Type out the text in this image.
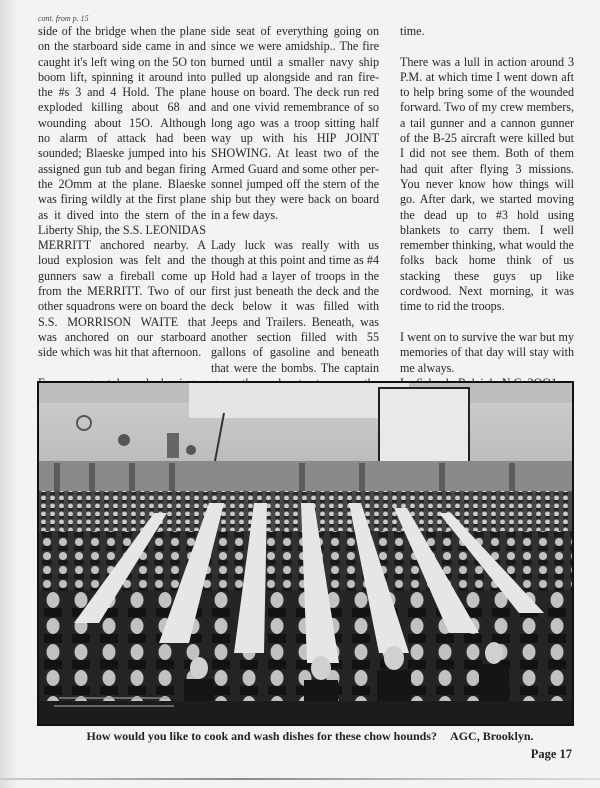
cont. from p. 15

side of the bridge when the plane on the starboard side came in and caught it's left wing on the 5O ton boom lift, spinning it around into the #s 3 and 4 Hold. The plane exploded killing about 68 and wounding about 15O. Although no alarm of attack had been sounded; Blaeske jumped into his assigned gun tub and began firing the 2Omm at the plane. Blaeske was firing wildly at the first plane as it dived into the stern of the Liberty Ship, the S.S. LEONIDAS MERRITT anchored nearby. A loud explosion was felt and the gunners saw a fireball come up from the MERRITT. Two of our other squadrons were on board the S.S. MORRISON WAITE that was anchored on our starboard side which was hit that afternoon.

side seat of everything going on since we were amidship.. The fire burned until a smaller navy ship pulled up alongside and ran fire-house on board. The deck run red and one vivid remembrance of so long ago was a troop sitting half way up with his HIP JOINT SHOWING. At least two of the Armed Guard and some other per-sonnel jumped off the stern of the ship but they were back on board in a few days.

Lady luck was really with us though at this point and time as #4 Hold had a layer of troops in the first just beneath the deck and the deck below it was filled with Jeeps and Trailers. Beneath, was another section filled with 55 gallons of gasoline and beneath that were the bombs. The captain

time.

There was a lull in action around 3 P.M. at which time I went down aft to help bring some of the wounded forward. Two of my crew members, a tail gunner and a cannon gunner of the B-25 aircraft were killed but I did not see them. Both of them had quit after flying 3 missions. You never know how things will go. After dark, we started moving the dead up to #3 hold using blankets to carry them. I well remember thinking, what would the folks back home think of us stacking these guys up like cordwood. Next morning, it was time to rid the troops.

I went on to survive the war but my memories of that day will stay with me always.

How would you like to cook and wash dishes for these chow hounds? AGC, Brooklyn.
Page 17
